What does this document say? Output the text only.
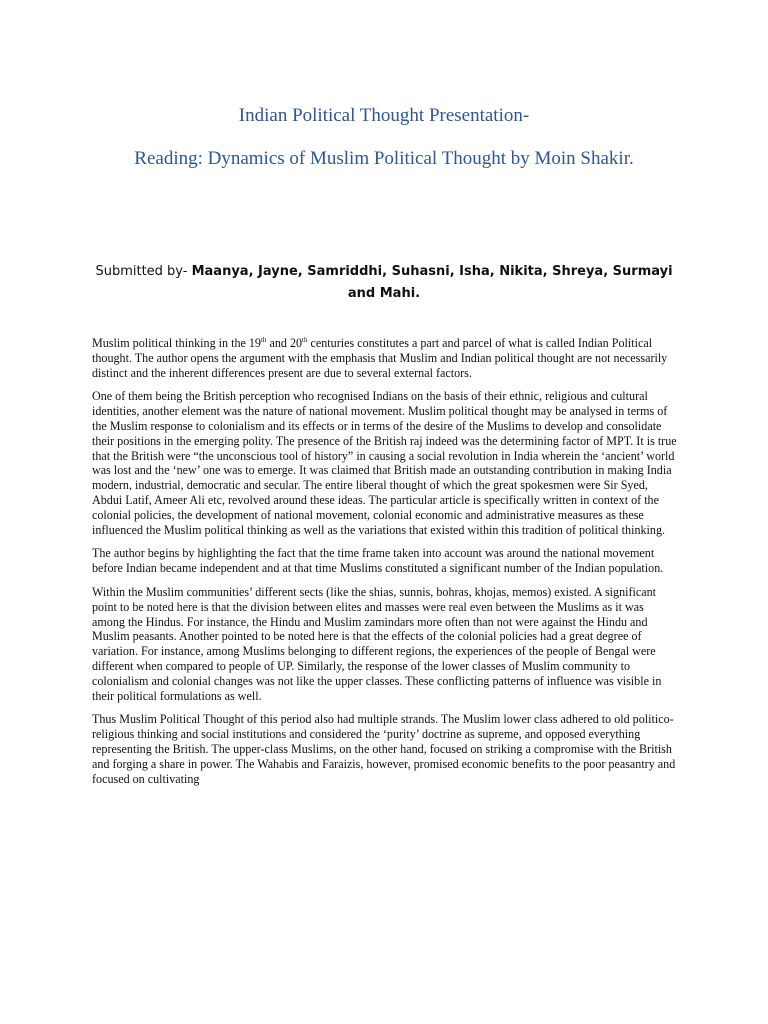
Indian Political Thought Presentation-
Reading: Dynamics of Muslim Political Thought by Moin Shakir.

Submitted by- Maanya, Jayne, Samriddhi, Suhasni, Isha, Nikita, Shreya, Surmayi and Mahi.

Muslim political thinking in the 19th and 20th centuries constitutes a part and parcel of what is called Indian Political thought. The author opens the argument with the emphasis that Muslim and Indian political thought are not necessarily distinct and the inherent differences present are due to several external factors.

One of them being the British perception who recognised Indians on the basis of their ethnic, religious and cultural identities, another element was the nature of national movement. Muslim political thought may be analysed in terms of the Muslim response to colonialism and its effects or in terms of the desire of the Muslims to develop and consolidate their positions in the emerging polity. The presence of the British raj indeed was the determining factor of MPT. It is true that the British were “the unconscious tool of history” in causing a social revolution in India wherein the ‘ancient’ world was lost and the ‘new’ one was to emerge. It was claimed that British made an outstanding contribution in making India modern, industrial, democratic and secular. The entire liberal thought of which the great spokesmen were Sir Syed, Abdui Latif, Ameer Ali etc, revolved around these ideas. The particular article is specifically written in context of the colonial policies, the development of national movement, colonial economic and administrative measures as these influenced the Muslim political thinking as well as the variations that existed within this tradition of political thinking.

The author begins by highlighting the fact that the time frame taken into account was around the national movement before Indian became independent and at that time Muslims constituted a significant number of the Indian population.

Within the Muslim communities’ different sects (like the shias, sunnis, bohras, khojas, memos) existed. A significant point to be noted here is that the division between elites and masses were real even between the Muslims as it was among the Hindus. For instance, the Hindu and Muslim zamindars more often than not were against the Hindu and Muslim peasants. Another pointed to be noted here is that the effects of the colonial policies had a great degree of variation. For instance, among Muslims belonging to different regions, the experiences of the people of Bengal were different when compared to people of UP. Similarly, the response of the lower classes of Muslim community to colonialism and colonial changes was not like the upper classes. These conflicting patterns of influence was visible in their political formulations as well.

Thus Muslim Political Thought of this period also had multiple strands. The Muslim lower class adhered to old politico-religious thinking and social institutions and considered the ‘purity’ doctrine as supreme, and opposed everything representing the British. The upper-class Muslims, on the other hand, focused on striking a compromise with the British and forging a share in power. The Wahabis and Faraizis, however, promised economic benefits to the poor peasantry and focused on cultivating
